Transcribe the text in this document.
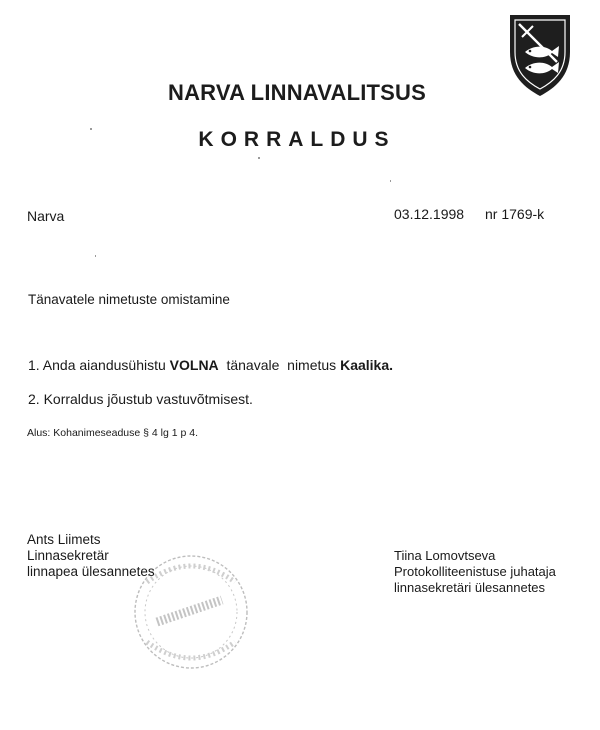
NARVA LINNAVALITSUS
KORRALDUS
Narva	03.12.1998 nr 1769-k
Tänavatele nimetuste omistamine
1. Anda aiandusühistu VOLNA  tänavale  nimetus Kaalika.
2. Korraldus jõustub vastuvõtmisest.
Alus: Kohanimeseaduse § 4 lg 1 p 4.
Ants Liimets
Linnasekretär
linnapea ülesannetes
Tiina Lomovtseva
Protokolliteenistuse juhataja
linnasekretäri ülesannetes
